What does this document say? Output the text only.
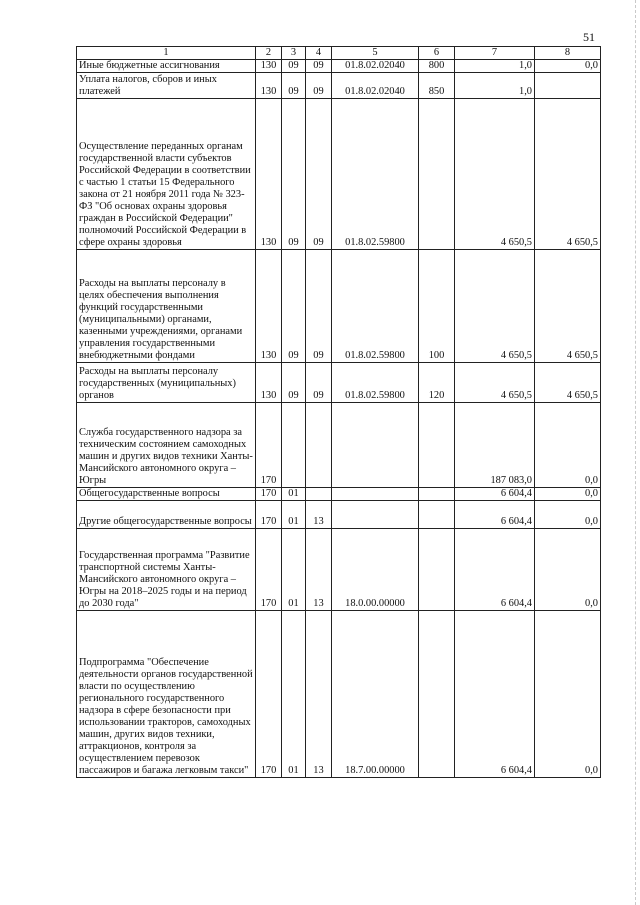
51
1	2	3	4	5	6	7	8
Иные бюджетные ассигнования	130	09	09	01.8.02.02040	800	1,0	0,0
Уплата налогов, сборов и иных платежей	130	09	09	01.8.02.02040	850	1,0	
Осуществление переданных органам государственной власти субъектов Российской Федерации в соответствии с частью 1 статьи 15 Федерального закона от 21 ноября 2011 года № 323-ФЗ "Об основах охраны здоровья граждан в Российской Федерации" полномочий Российской Федерации в сфере охраны здоровья	130	09	09	01.8.02.59800		4 650,5	4 650,5
Расходы на выплаты персоналу в целях обеспечения выполнения функций государственными (муниципальными) органами, казенными учреждениями, органами управления государственными внебюджетными фондами	130	09	09	01.8.02.59800	100	4 650,5	4 650,5
Расходы на выплаты персоналу государственных (муниципальных) органов	130	09	09	01.8.02.59800	120	4 650,5	4 650,5
Служба государственного надзора за техническим состоянием самоходных машин и других видов техники Ханты-Мансийского автономного округа – Югры	170					187 083,0	0,0
Общегосударственные вопросы	170	01				6 604,4	0,0
Другие общегосударственные вопросы	170	01	13			6 604,4	0,0
Государственная программа "Развитие транспортной системы Ханты-Мансийского автономного округа – Югры на 2018–2025 годы и на период до 2030 года"	170	01	13	18.0.00.00000		6 604,4	0,0
Подпрограмма "Обеспечение деятельности органов государственной власти по осуществлению регионального государственного надзора в сфере безопасности при использовании тракторов, самоходных машин, других видов техники, аттракционов, контроля за осуществлением перевозок пассажиров и багажа легковым такси"	170	01	13	18.7.00.00000		6 604,4	0,0
